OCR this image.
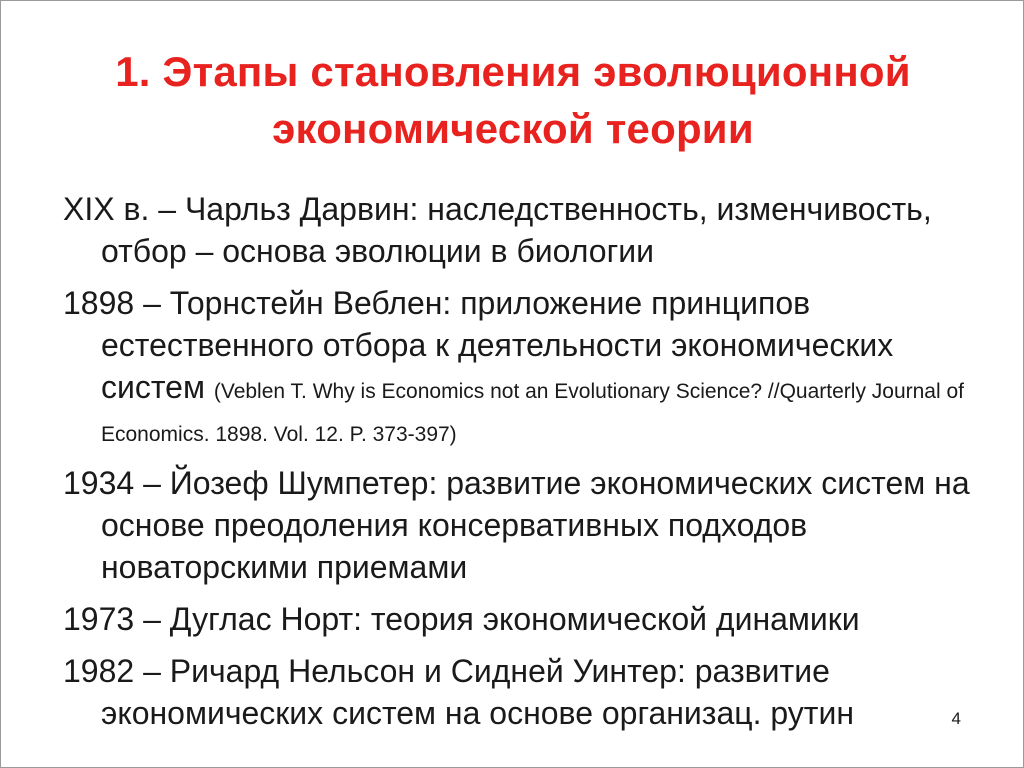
1. Этапы становления эволюционной
экономической теории
XIX в. – Чарльз Дарвин: наследственность, изменчивость, отбор – основа эволюции в биологии
1898 – Торнстейн Веблен: приложение принципов естественного отбора к деятельности экономических систем (Veblen T. Why is Economics not an Evolutionary Science? //Quarterly Journal of Economics. 1898. Vol. 12. P. 373-397)
1934 – Йозеф Шумпетер: развитие экономических систем на основе преодоления консервативных подходов новаторскими приемами
1973 – Дуглас Норт: теория экономической динамики
1982 – Ричард Нельсон и Сидней Уинтер: развитие экономических систем на основе организац. рутин	4
